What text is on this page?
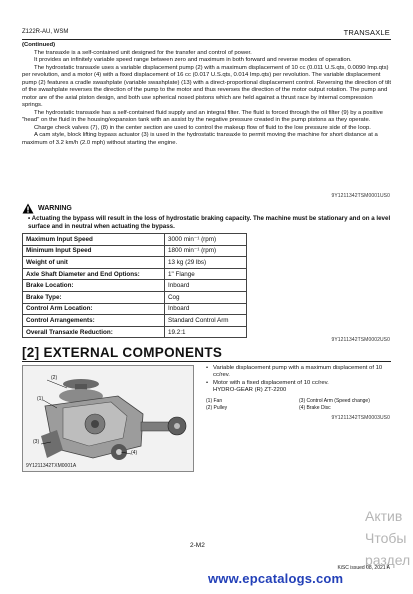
Z122R-AU, WSM	TRANSAXLE

(Continued)

The transaxle is a self-contained unit designed for the transfer and control of power.

It provides an infinitely variable speed range between zero and maximum in both forward and reverse modes of operation.

The hydrostatic transaxle uses a variable displacement pump (2) with a maximum displacement of 10 cc (0.011 U.S.qts, 0.0090 Imp.qts) per revolution, and a motor (4) with a fixed displacement of 16 cc (0.017 U.S.qts, 0.014 Imp.qts) per revolution. The variable displacement pump (2) features a cradle swashplate (variable swashplate) (13) with a direct-proportional displacement control. Reversing the direction of tilt of the swashplate reverses the direction of the pump to the motor and thus reverses the direction of the motor output rotation. The pump and motor are of the axial piston design, and both use spherical nosed pistons which are held against a thrust race by internal compression springs.

The hydrostatic transaxle has a self-contained fluid supply and an integral filter. The fluid is forced through the oil filter (9) by a positive "head" on the fluid in the housing/expansion tank with an assist by the negative pressure created in the pump pistons as they operate.

Charge check valves (7), (8) in the center section are used to control the makeup flow of fluid to the low pressure side of the loop.

A cam style, block lifting bypass actuator (3) is used in the hydrostatic transaxle to permit moving the machine for short distance at a maximum of 3.2 km/h (2.0 mph) without starting the engine.

9Y1211342TSM0001US0
WARNING
• Actuating the bypass will result in the loss of hydrostatic braking capacity. The machine must be stationary and on a level surface and in neutral when actuating the bypass.
Maximum Input Speed	3000 min⁻¹ (rpm)
Minimum Input Speed	1800 min⁻¹ (rpm)
Weight of unit	13 kg (29 lbs)
Axle Shaft Diameter and End Options:	1" Flange
Brake Location:	Inboard
Brake Type:	Cog
Control Arm Location:	Inboard
Control Arrangements:	Standard Control Arm
Overall Transaxle Reduction:	19.2:1
9Y1211342TSM0002US0
[2] EXTERNAL COMPONENTS
(1)
(2)
(3)
(4)
9Y1211342TXM0001A
• Variable displacement pump with a maximum displacement of 10 cc/rev.
• Motor with a fixed displacement of 10 cc/rev.
HYDRO-GEAR (R) ZT-2200
(1) Fan	(3) Control Arm (Speed change)
(2) Pulley	(4) Brake Disc
9Y1211342TSM0003US0
Актив
Чтобы
раздел
2-M2
KiSC issued 08, 2021 A
www.epcatalogs.com
